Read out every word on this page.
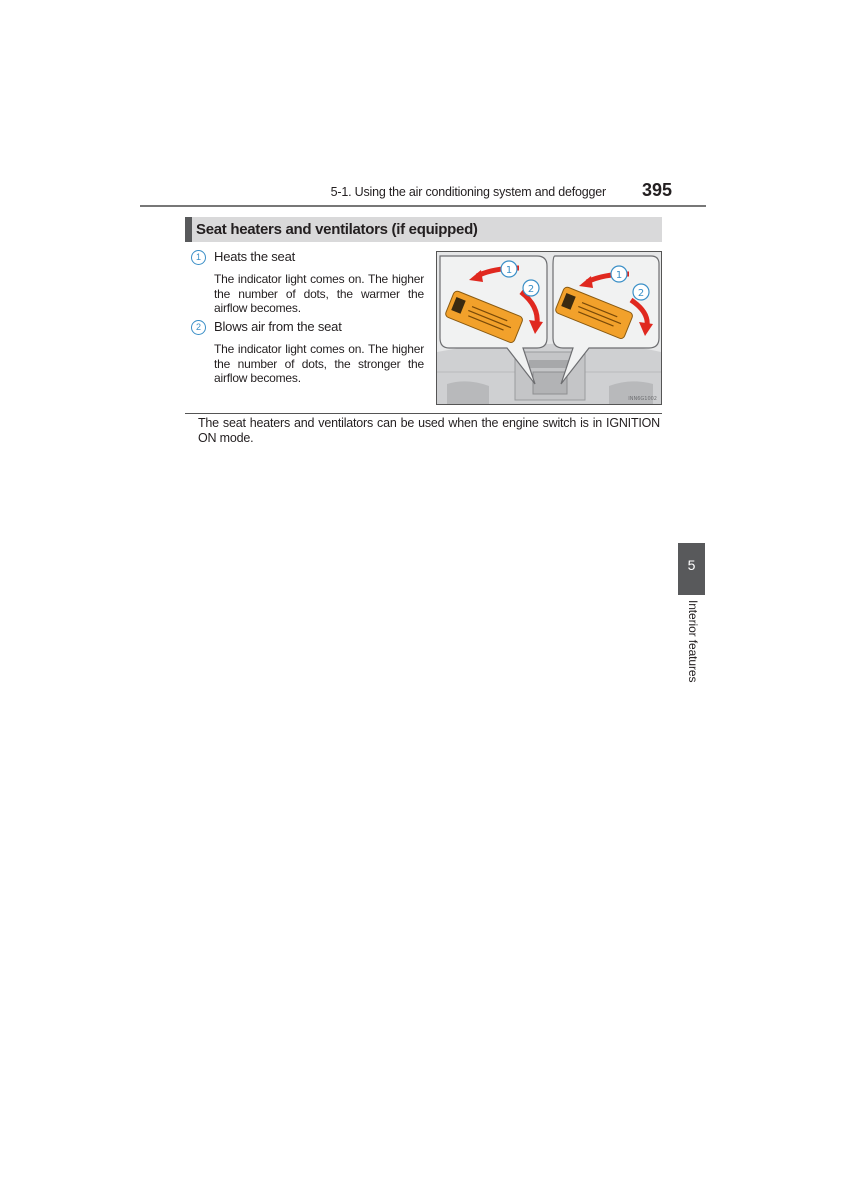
5-1. Using the air conditioning system and defogger	395
Seat heaters and ventilators (if equipped)
1	Heats the seat
The indicator light comes on. The higher the number of dots, the warmer the airflow becomes.
2	Blows air from the seat
The indicator light comes on. The higher the number of dots, the stronger the airflow becomes.
1
2
1
2
INN6G1002
The seat heaters and ventilators can be used when the engine switch is in IGNITION ON mode.
5
Interior features
